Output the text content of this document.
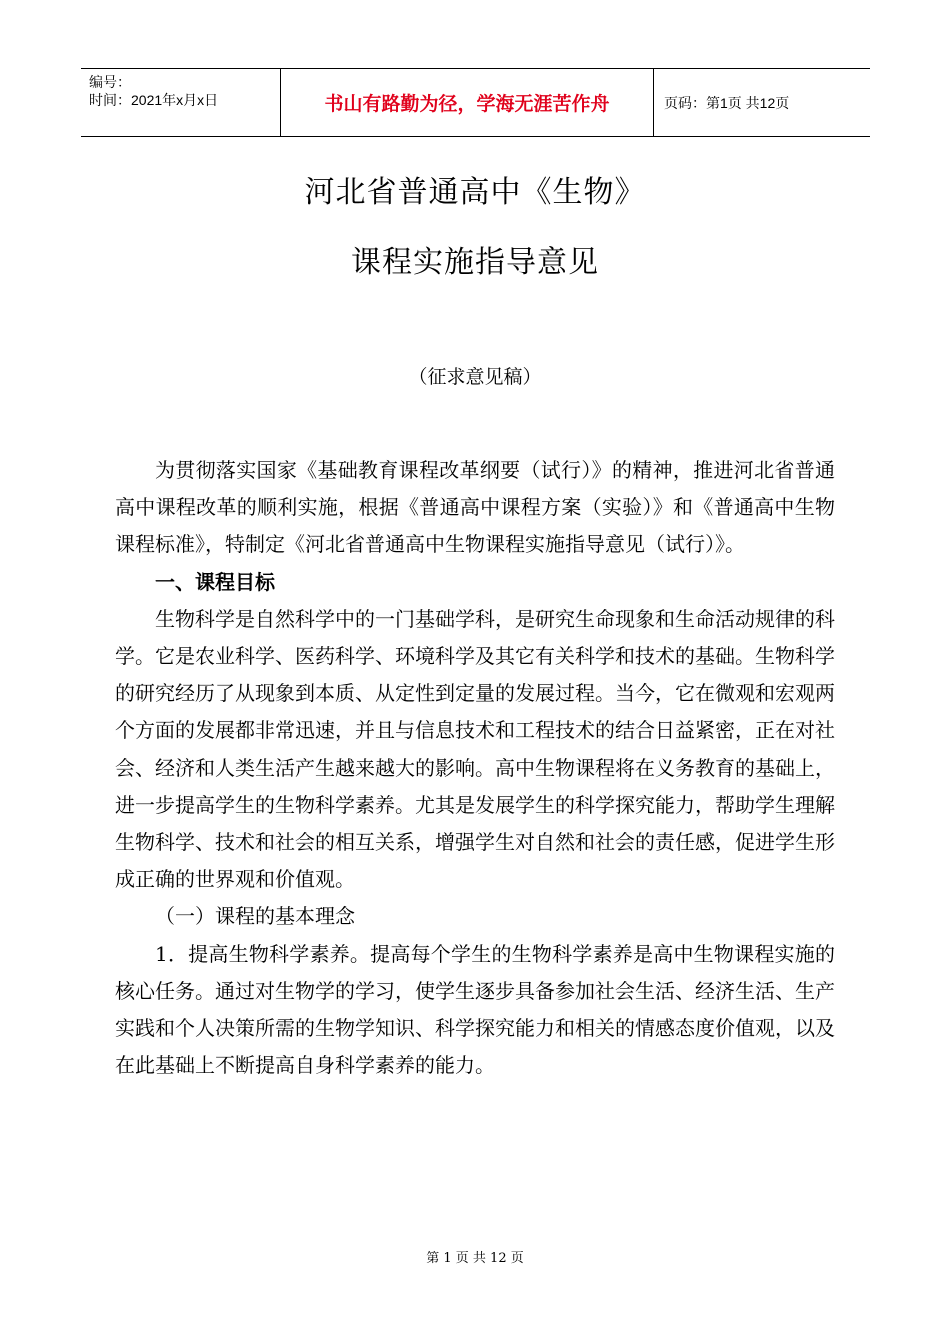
编号：
时间：2021年x月x日	书山有路勤为径，学海无涯苦作舟	页码：第1页 共12页
河北省普通高中《生物》
课程实施指导意见
（征求意见稿）

为贯彻落实国家《基础教育课程改革纲要（试行）》的精神，推进河北省普通高中课程改革的顺利实施，根据《普通高中课程方案（实验）》和《普通高中生物课程标准》，特制定《河北省普通高中生物课程实施指导意见（试行）》。

一、课程目标

生物科学是自然科学中的一门基础学科，是研究生命现象和生命活动规律的科学。它是农业科学、医药科学、环境科学及其它有关科学和技术的基础。生物科学的研究经历了从现象到本质、从定性到定量的发展过程。当今，它在微观和宏观两个方面的发展都非常迅速，并且与信息技术和工程技术的结合日益紧密，正在对社会、经济和人类生活产生越来越大的影响。高中生物课程将在义务教育的基础上，进一步提高学生的生物科学素养。尤其是发展学生的科学探究能力，帮助学生理解生物科学、技术和社会的相互关系，增强学生对自然和社会的责任感，促进学生形成正确的世界观和价值观。

（一）课程的基本理念

1．提高生物科学素养。提高每个学生的生物科学素养是高中生物课程实施的核心任务。通过对生物学的学习，使学生逐步具备参加社会生活、经济生活、生产实践和个人决策所需的生物学知识、科学探究能力和相关的情感态度价值观，以及在此基础上不断提高自身科学素养的能力。

第 1 页 共 12 页
